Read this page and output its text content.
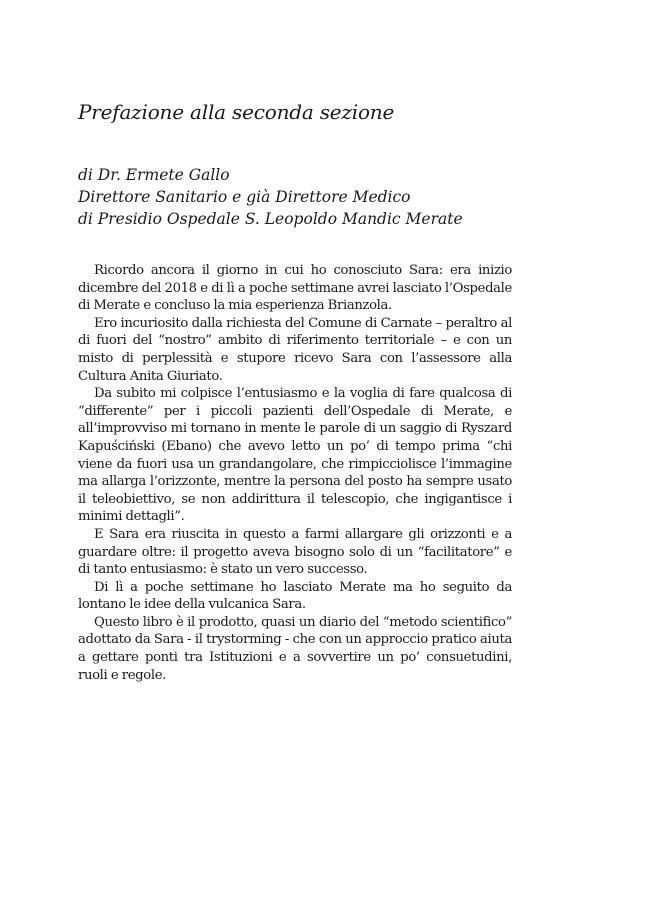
Prefazione alla seconda sezione
di Dr. Ermete Gallo
Direttore Sanitario e già Direttore Medico
di Presidio Ospedale S. Leopoldo Mandic Merate

Ricordo ancora il giorno in cui ho conosciuto Sara: era inizio dicembre del 2018 e di lì a poche settimane avrei lasciato l’Ospedale di Merate e concluso la mia esperienza Brianzola.

Ero incuriosito dalla richiesta del Comune di Carnate – peraltro al di fuori del “nostro” ambito di riferimento territoriale – e con un misto di perplessità e stupore ricevo Sara con l’assessore alla Cultura Anita Giuriato.

Da subito mi colpisce l’entusiasmo e la voglia di fare qualcosa di “differente” per i piccoli pazienti dell’Ospedale di Merate, e all’improvviso mi tornano in mente le parole di un saggio di Ryszard Kapuściński (Ebano) che avevo letto un po’ di tempo prima “chi viene da fuori usa un grandangolare, che rimpicciolisce l’immagine ma allarga l’orizzonte, mentre la persona del posto ha sempre usato il teleobiettivo, se non addirittura il telescopio, che ingigantisce i minimi dettagli”.

E Sara era riuscita in questo a farmi allargare gli orizzonti e a guardare oltre: il progetto aveva bisogno solo di un “facilitatore” e di tanto entusiasmo: è stato un vero successo.

Di lì a poche settimane ho lasciato Merate ma ho seguito da lontano le idee della vulcanica Sara.

Questo libro è il prodotto, quasi un diario del “metodo scientifico” adottato da Sara - il trystorming - che con un approccio pratico aiuta a gettare ponti tra Istituzioni e a sovvertire un po’ consuetudini, ruoli e regole.
